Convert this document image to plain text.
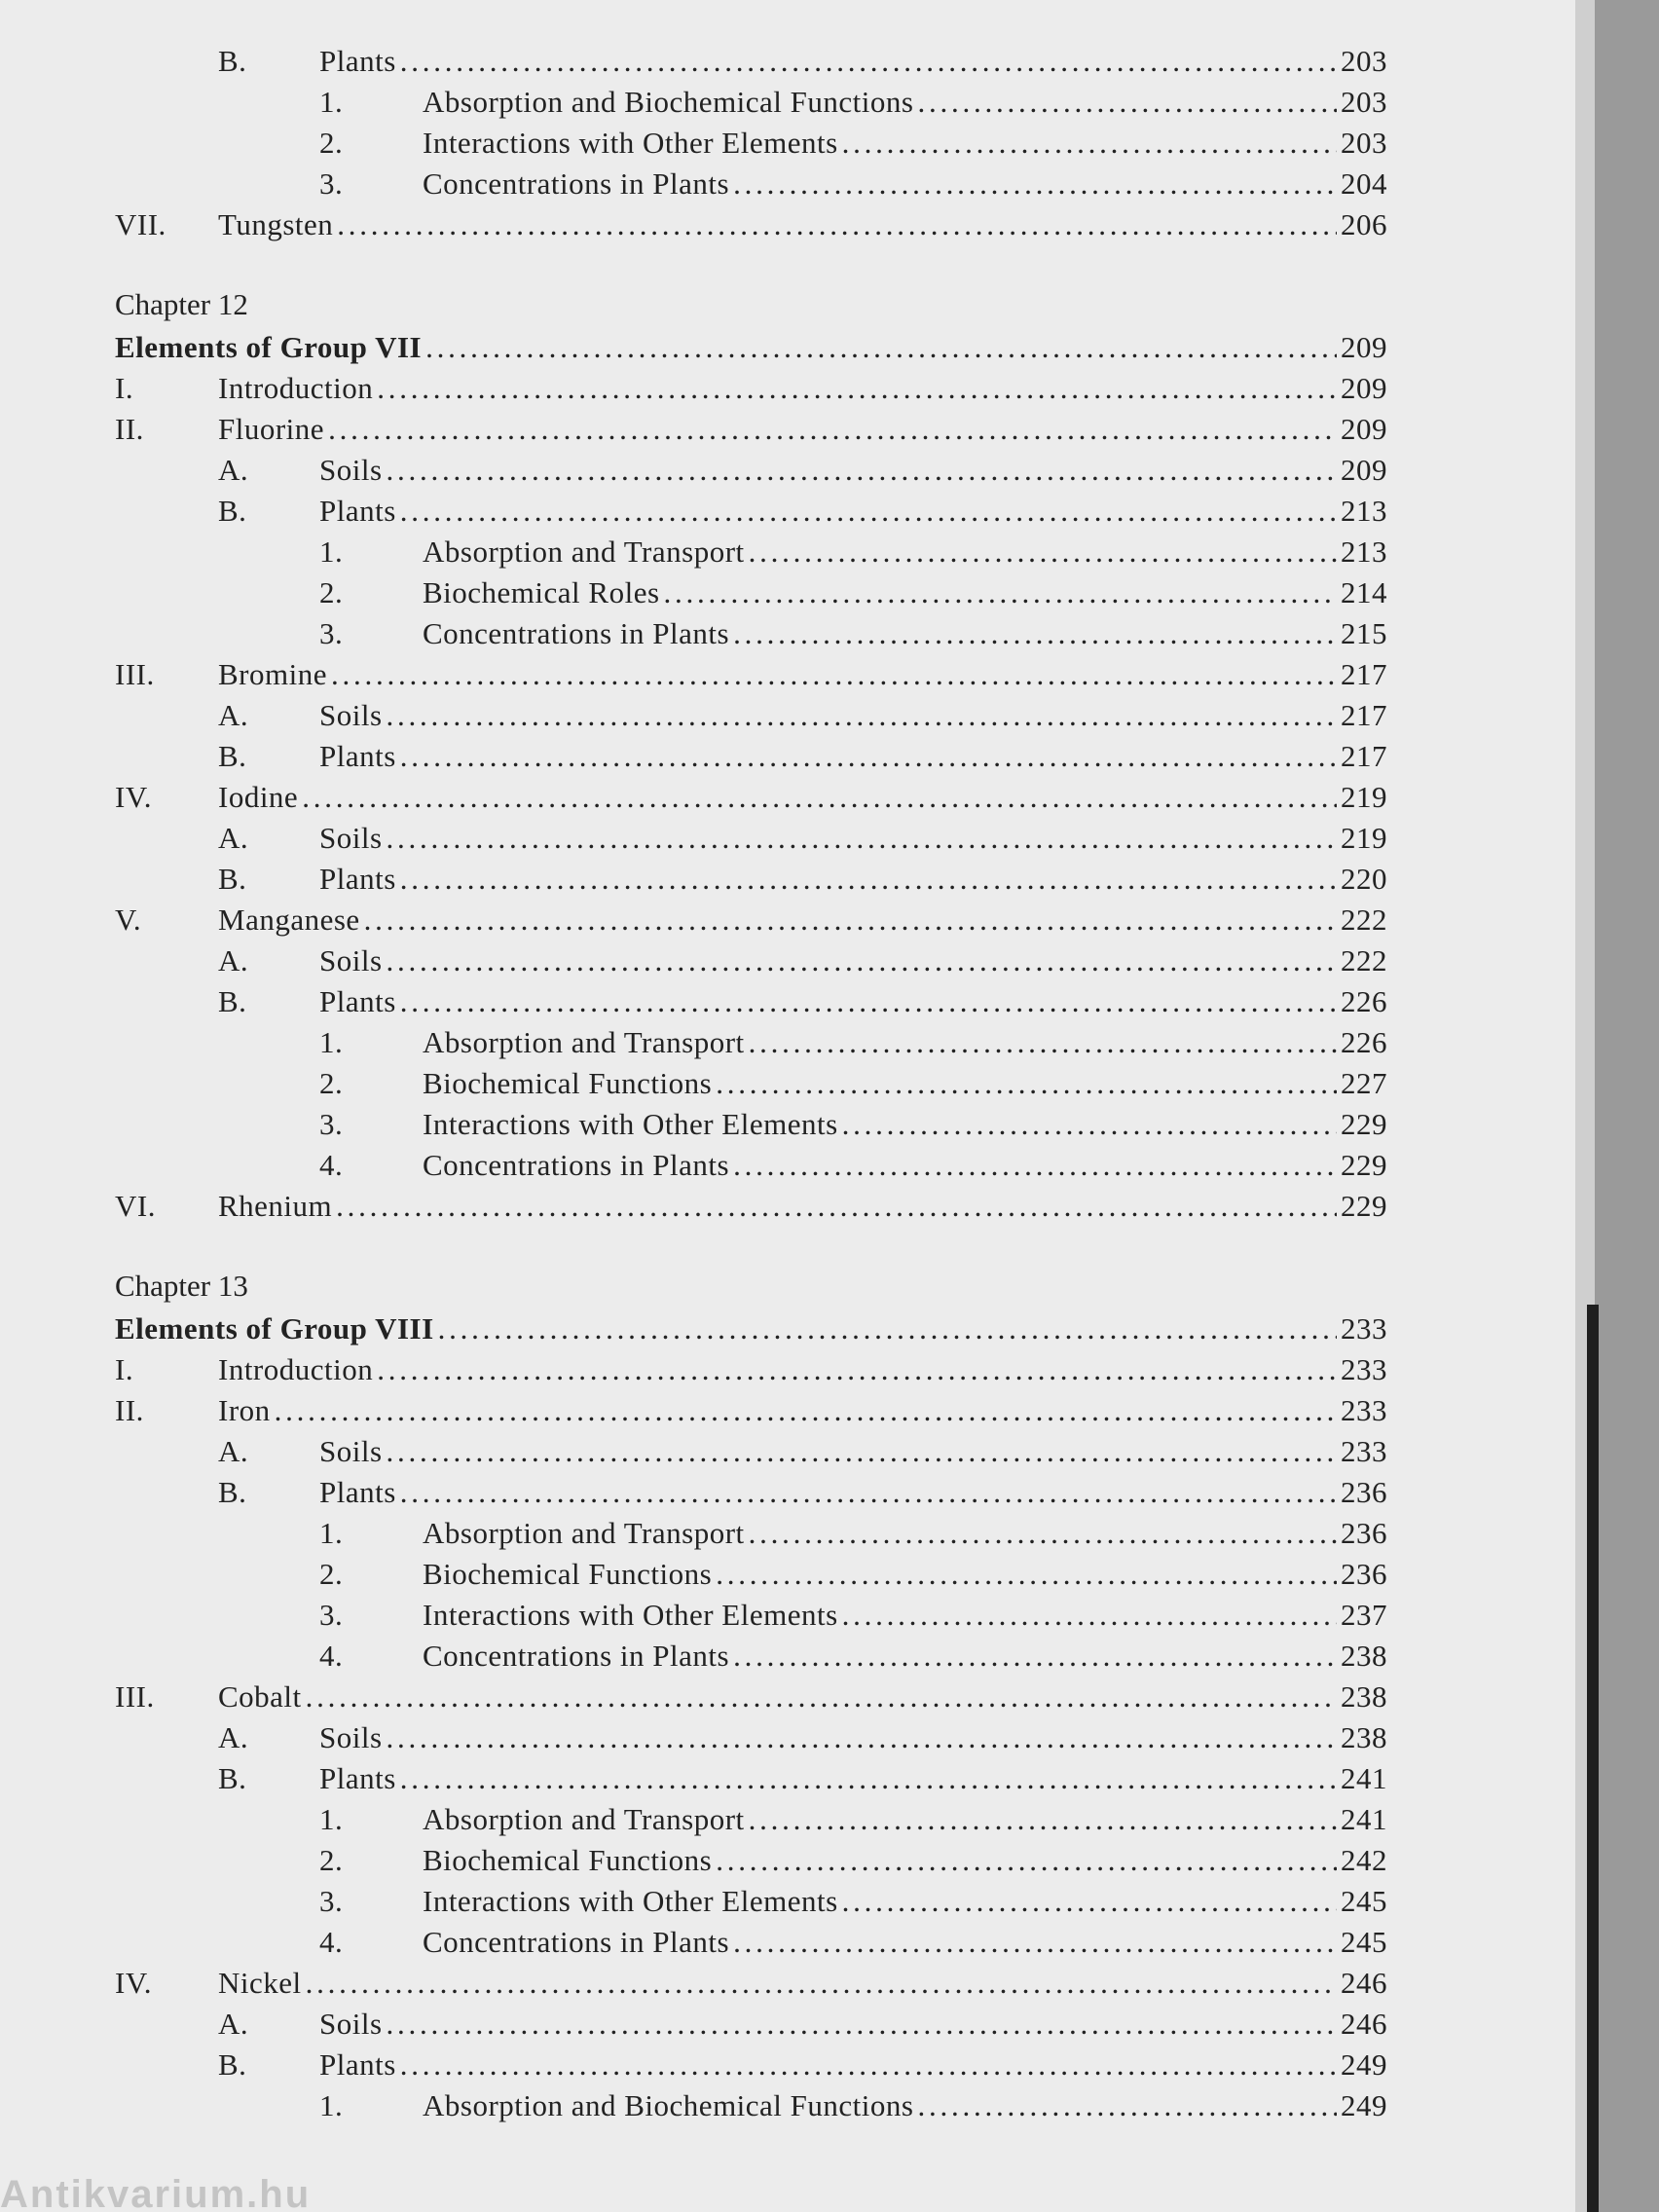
B.	Plants . . .	203
1.	Absorption and Biochemical Functions . . .	203
2.	Interactions with Other Elements . . .	203
3.	Concentrations in Plants . . .	204
VII.	Tungsten . . .	206
Chapter 12
Elements of Group VII . . .	209
I.	Introduction . . .	209
II.	Fluorine . . .	209
A.	Soils . . .	209
B.	Plants . . .	213
1.	Absorption and Transport . . .	213
2.	Biochemical Roles . . .	214
3.	Concentrations in Plants . . .	215
III.	Bromine . . .	217
A.	Soils . . .	217
B.	Plants . . .	217
IV.	Iodine . . .	219
A.	Soils . . .	219
B.	Plants . . .	220
V.	Manganese . . .	222
A.	Soils . . .	222
B.	Plants . . .	226
1.	Absorption and Transport . . .	226
2.	Biochemical Functions . . .	227
3.	Interactions with Other Elements . . .	229
4.	Concentrations in Plants . . .	229
VI.	Rhenium . . .	229
Chapter 13
Elements of Group VIII . . .	233
I.	Introduction . . .	233
II.	Iron . . .	233
A.	Soils . . .	233
B.	Plants . . .	236
1.	Absorption and Transport . . .	236
2.	Biochemical Functions . . .	236
3.	Interactions with Other Elements . . .	237
4.	Concentrations in Plants . . .	238
III.	Cobalt . . .	238
A.	Soils . . .	238
B.	Plants . . .	241
1.	Absorption and Transport . . .	241
2.	Biochemical Functions . . .	242
3.	Interactions with Other Elements . . .	245
4.	Concentrations in Plants . . .	245
IV.	Nickel . . .	246
A.	Soils . . .	246
B.	Plants . . .	249
1.	Absorption and Biochemical Functions . . .	249
Antikvarium.hu
